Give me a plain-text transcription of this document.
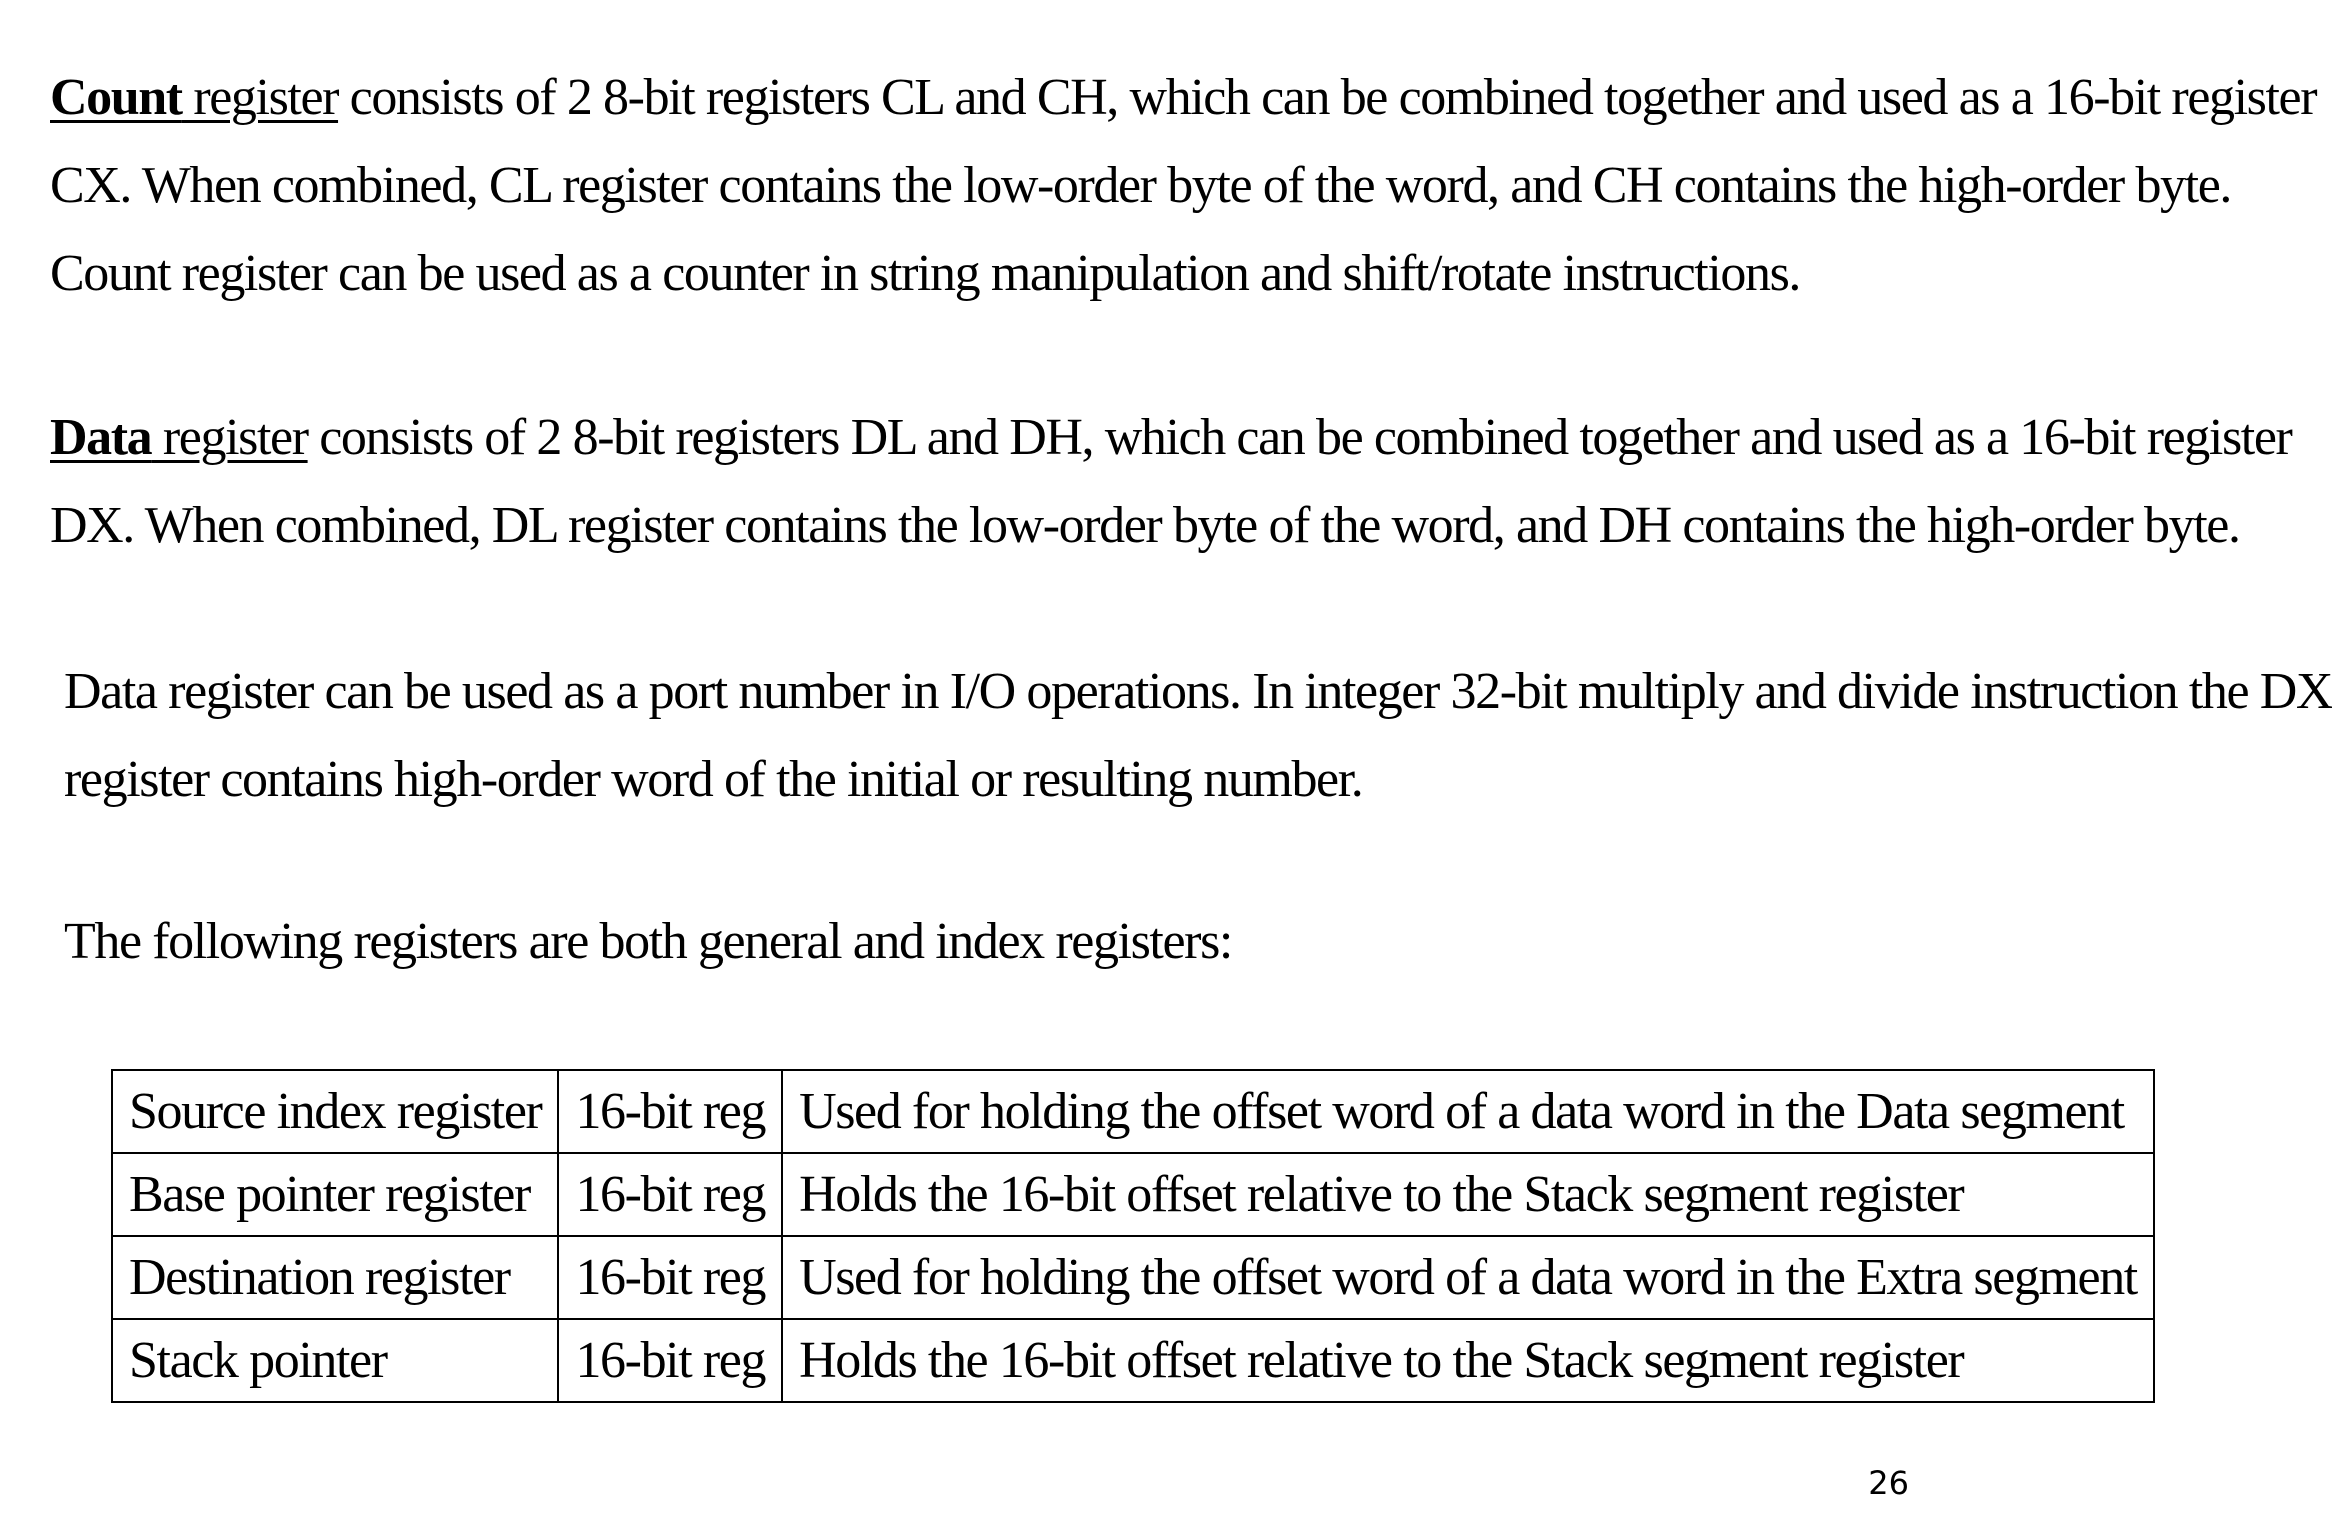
Count register consists of 2 8-bit registers CL and CH, which can be combined together and used as a 16-bit register
CX. When combined, CL register contains the low-order byte of the word, and CH contains the high-order byte.
Count register can be used as a counter in string manipulation and shift/rotate instructions.
Data register consists of 2 8-bit registers DL and DH, which can be combined together and used as a 16-bit register
DX. When combined, DL register contains the low-order byte of the word, and DH contains the high-order byte.
Data register can be used as a port number in I/O operations. In integer 32-bit multiply and divide instruction the DX
register contains high-order word of the initial or resulting number.
The following registers are both general and index registers:
Source index register	16-bit reg	Used for holding the offset word of a data word in the Data segment
Base pointer register	16-bit reg	Holds the 16-bit offset relative to the Stack segment register
Destination register	16-bit reg	Used for holding the offset word of a data word in the Extra segment
Stack pointer	16-bit reg	Holds the 16-bit offset relative to the Stack segment register
26
